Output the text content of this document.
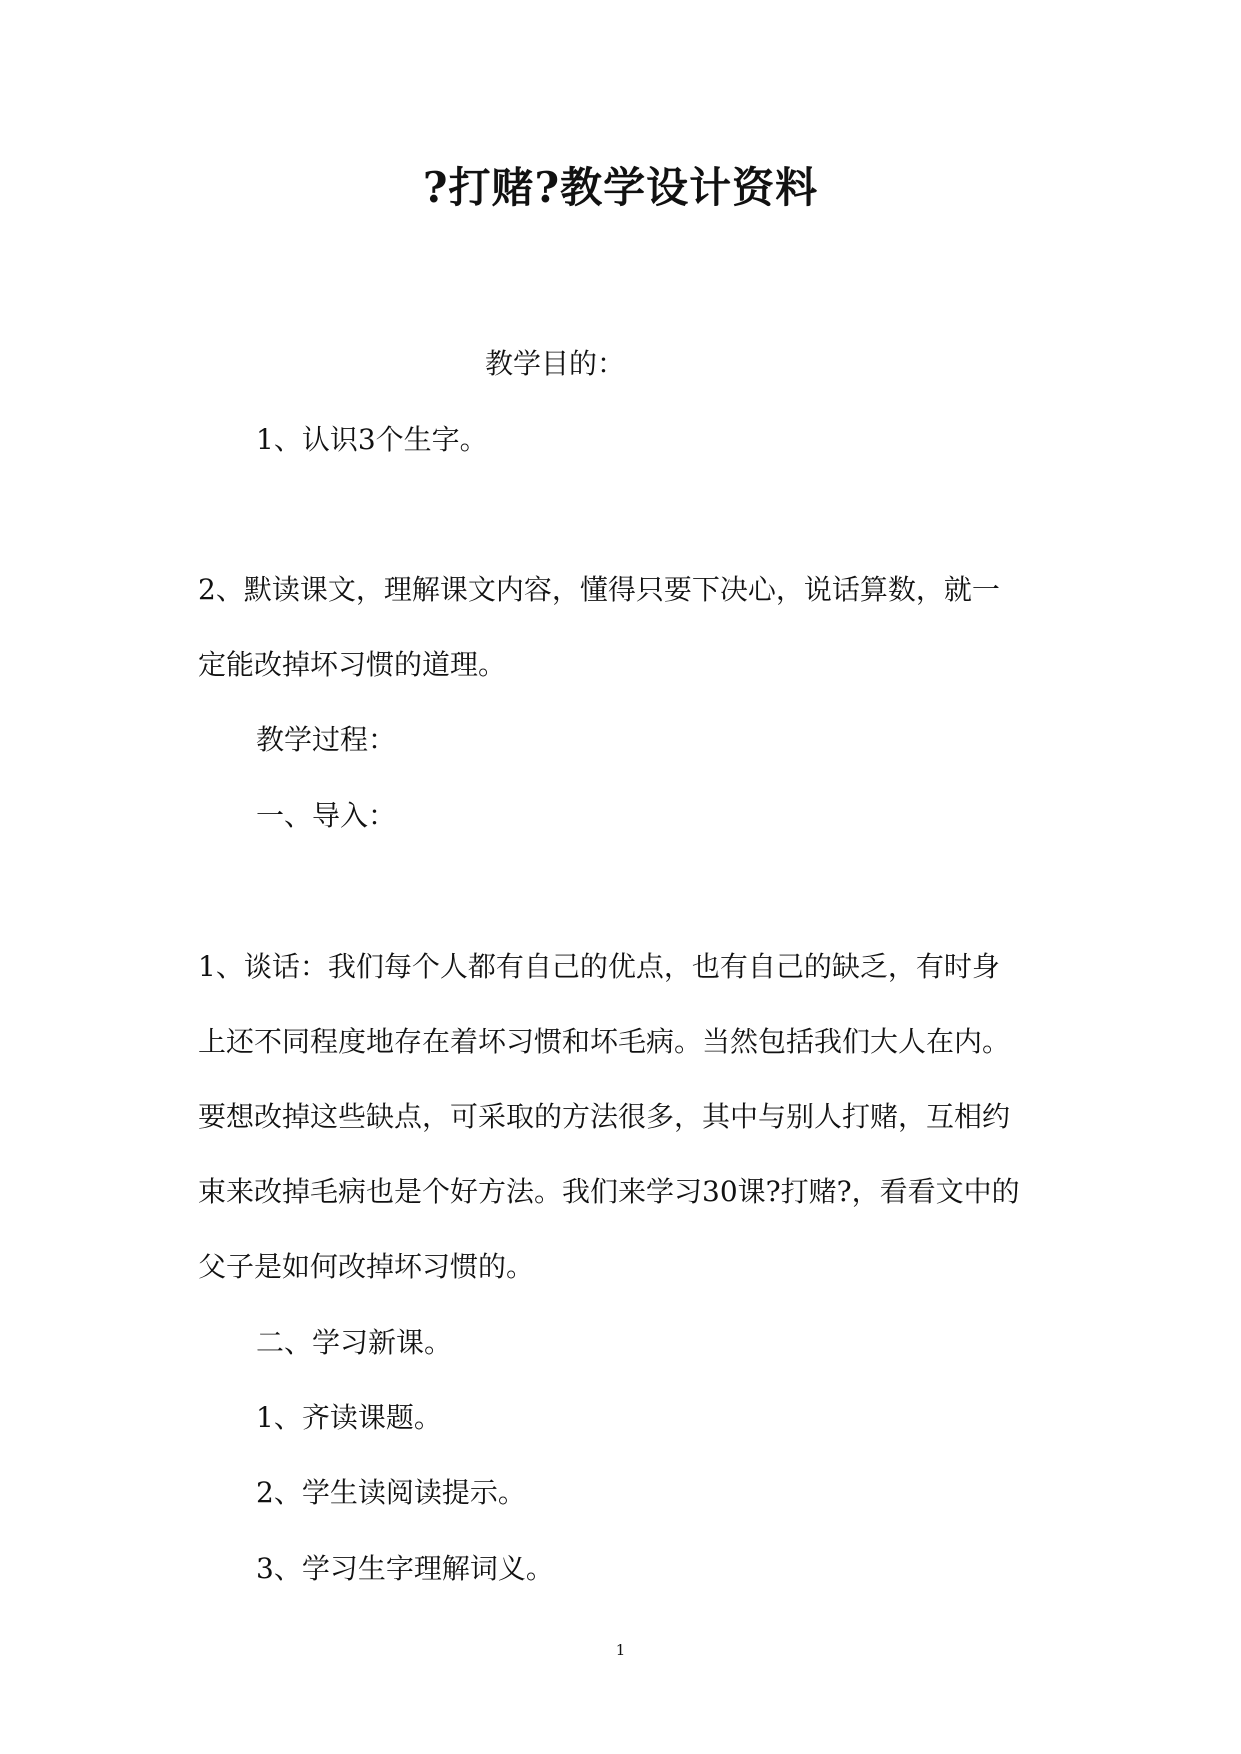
?打赌?教学设计资料
教学目的：
1、认识3个生字。
2、默读课文，理解课文内容，懂得只要下决心，说话算数，就一
定能改掉坏习惯的道理。
教学过程：
一、导入：
1、谈话：我们每个人都有自己的优点，也有自己的缺乏，有时身
上还不同程度地存在着坏习惯和坏毛病。当然包括我们大人在内。
要想改掉这些缺点，可采取的方法很多，其中与别人打赌，互相约
束来改掉毛病也是个好方法。我们来学习30课?打赌?，看看文中的
父子是如何改掉坏习惯的。
二、学习新课。
1、齐读课题。
2、学生读阅读提示。
3、学习生字理解词义。
1
